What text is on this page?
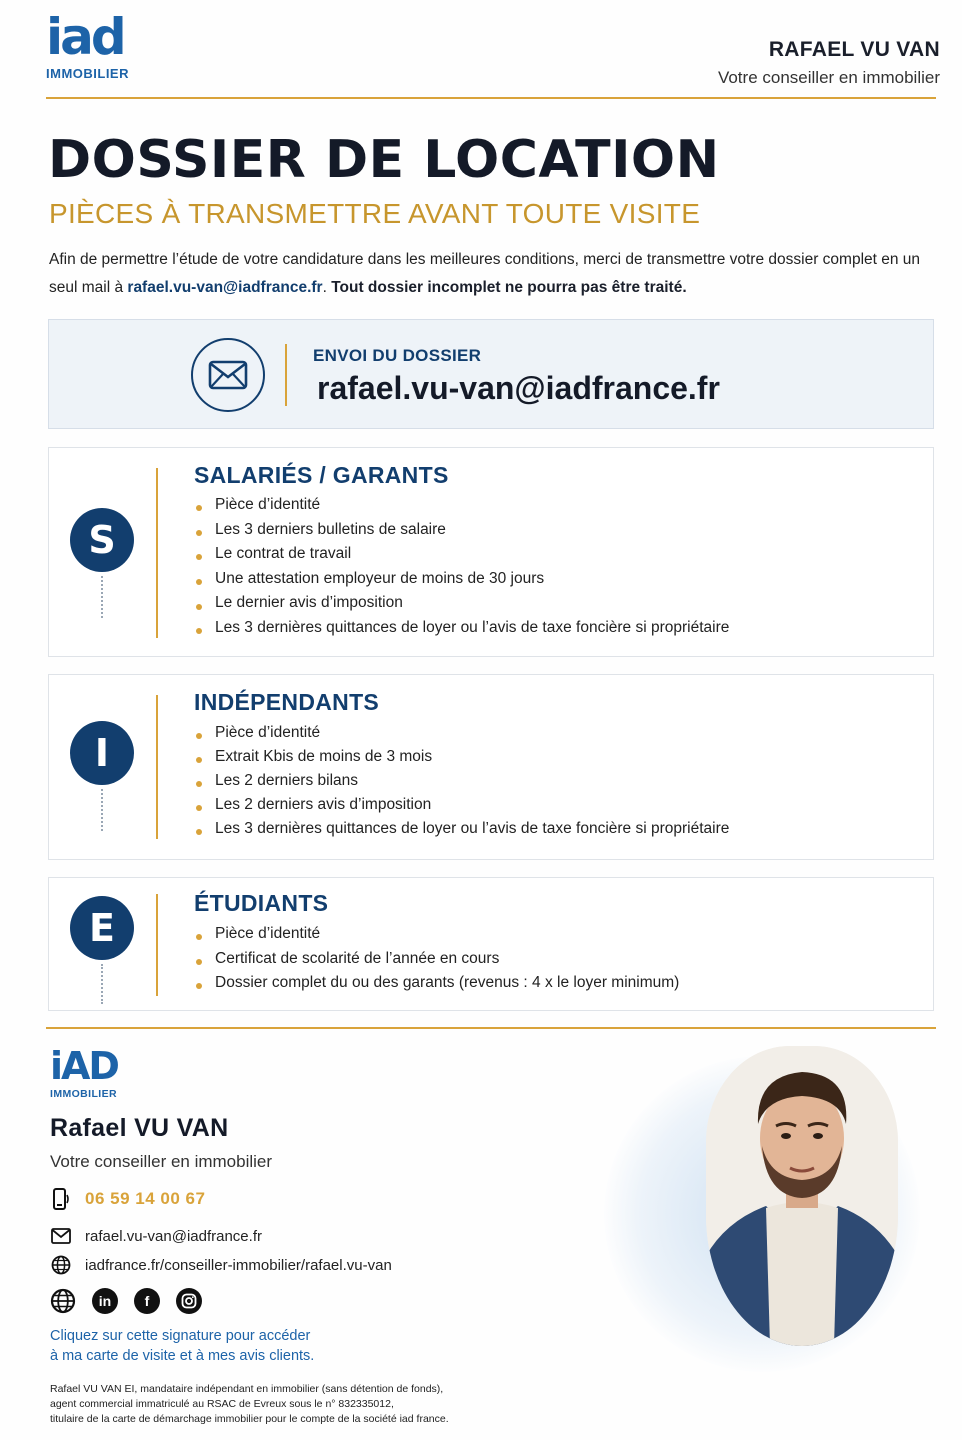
iad
IMMOBILIER
RAFAEL VU VAN
Votre conseiller en immobilier
DOSSIER DE LOCATION
PIÈCES À TRANSMETTRE AVANT TOUTE VISITE

Afin de permettre l’étude de votre candidature dans les meilleures conditions, merci de transmettre votre dossier complet en un seul mail à rafael.vu-van@iadfrance.fr. Tout dossier incomplet ne pourra pas être traité.

ENVOI DU DOSSIER
rafael.vu-van@iadfrance.fr
S
SALARIÉS / GARANTS
Pièce d’identité
Les 3 derniers bulletins de salaire
Le contrat de travail
Une attestation employeur de moins de 30 jours
Le dernier avis d’imposition
Les 3 dernières quittances de loyer ou l’avis de taxe foncière si propriétaire
I
INDÉPENDANTS
Pièce d’identité
Extrait Kbis de moins de 3 mois
Les 2 derniers bilans
Les 2 derniers avis d’imposition
Les 3 dernières quittances de loyer ou l’avis de taxe foncière si propriétaire
E
ÉTUDIANTS
Pièce d’identité
Certificat de scolarité de l’année en cours
Dossier complet du ou des garants (revenus : 4 x le loyer minimum)
iAD
IMMOBILIER
Rafael VU VAN
Votre conseiller en immobilier
06 59 14 00 67
rafael.vu-van@iadfrance.fr
iadfrance.fr/conseiller-immobilier/rafael.vu-van
in	f
Cliquez sur cette signature pour accéder
à ma carte de visite et à mes avis clients.
Rafael VU VAN EI, mandataire indépendant en immobilier (sans détention de fonds),
agent commercial immatriculé au RSAC de Evreux sous le n° 832335012,
titulaire de la carte de démarchage immobilier pour le compte de la société iad france.
